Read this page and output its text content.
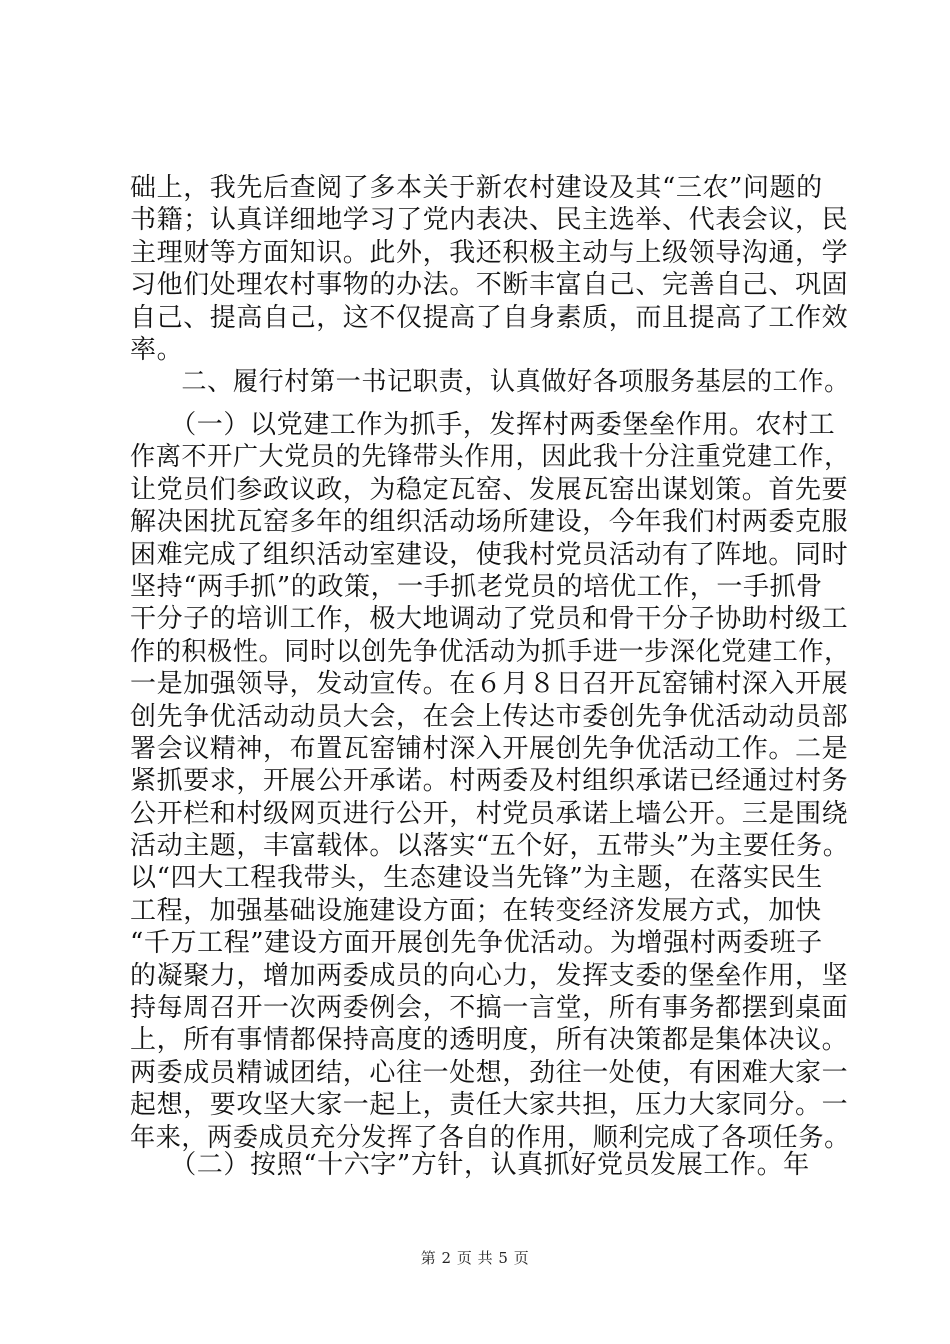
础上，我先后查阅了多本关于新农村建设及其“三农”问题的
书籍；认真详细地学习了党内表决、民主选举、代表会议，民
主理财等方面知识。此外，我还积极主动与上级领导沟通，学
习他们处理农村事物的办法。不断丰富自己、完善自己、巩固
自己、提高自己，这不仅提高了自身素质，而且提高了工作效
率。
　　二、履行村第一书记职责，认真做好各项服务基层的工作。
　　（一）以党建工作为抓手，发挥村两委堡垒作用。农村工
作离不开广大党员的先锋带头作用，因此我十分注重党建工作，
让党员们参政议政，为稳定瓦窑、发展瓦窑出谋划策。首先要
解决困扰瓦窑多年的组织活动场所建设，今年我们村两委克服
困难完成了组织活动室建设，使我村党员活动有了阵地。同时
坚持“两手抓”的政策，一手抓老党员的培优工作，一手抓骨
干分子的培训工作，极大地调动了党员和骨干分子协助村级工
作的积极性。同时以创先争优活动为抓手进一步深化党建工作，
一是加强领导，发动宣传。在６月８日召开瓦窑铺村深入开展
创先争优活动动员大会，在会上传达市委创先争优活动动员部
署会议精神，布置瓦窑铺村深入开展创先争优活动工作。二是
紧抓要求，开展公开承诺。村两委及村组织承诺已经通过村务
公开栏和村级网页进行公开，村党员承诺上墙公开。三是围绕
活动主题，丰富载体。以落实“五个好，五带头”为主要任务。
以“四大工程我带头，生态建设当先锋”为主题，在落实民生
工程，加强基础设施建设方面；在转变经济发展方式，加快
“千万工程”建设方面开展创先争优活动。为增强村两委班子
的凝聚力，增加两委成员的向心力，发挥支委的堡垒作用，坚
持每周召开一次两委例会，不搞一言堂，所有事务都摆到桌面
上，所有事情都保持高度的透明度，所有决策都是集体决议。
两委成员精诚团结，心往一处想，劲往一处使，有困难大家一
起想，要攻坚大家一起上，责任大家共担，压力大家同分。一
年来，两委成员充分发挥了各自的作用，顺利完成了各项任务。
　　（二）按照“十六字”方针，认真抓好党员发展工作。年
第 2 页 共 5 页
